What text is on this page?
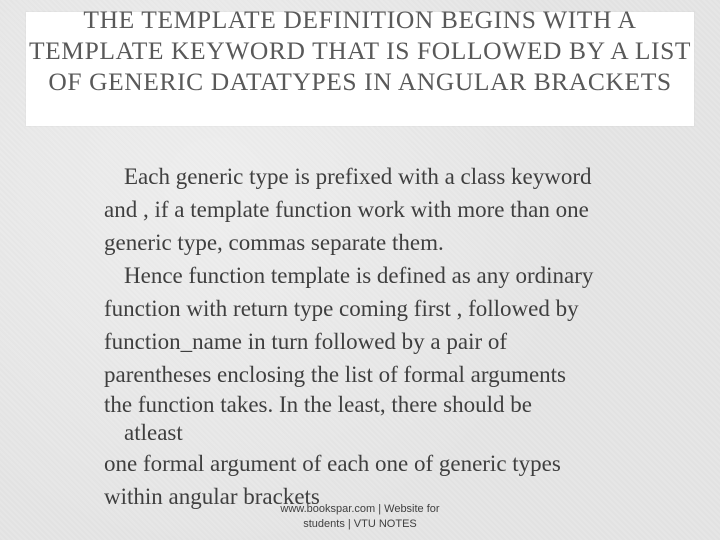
THE TEMPLATE DEFINITION BEGINS WITH A TEMPLATE KEYWORD THAT IS FOLLOWED BY A LIST OF GENERIC DATATYPES IN ANGULAR BRACKETS
Each generic type is prefixed with a class keyword
and , if a template function work with more than one
generic type, commas separate them.
Hence function template is defined as any ordinary
function with return type coming first , followed by
function_name in turn followed by a pair of
parentheses enclosing the list of formal arguments
the function takes. In the least, there should be
atleast
one formal argument of each one of generic types
within angular brackets
www.bookspar.com | Website for
students | VTU NOTES
